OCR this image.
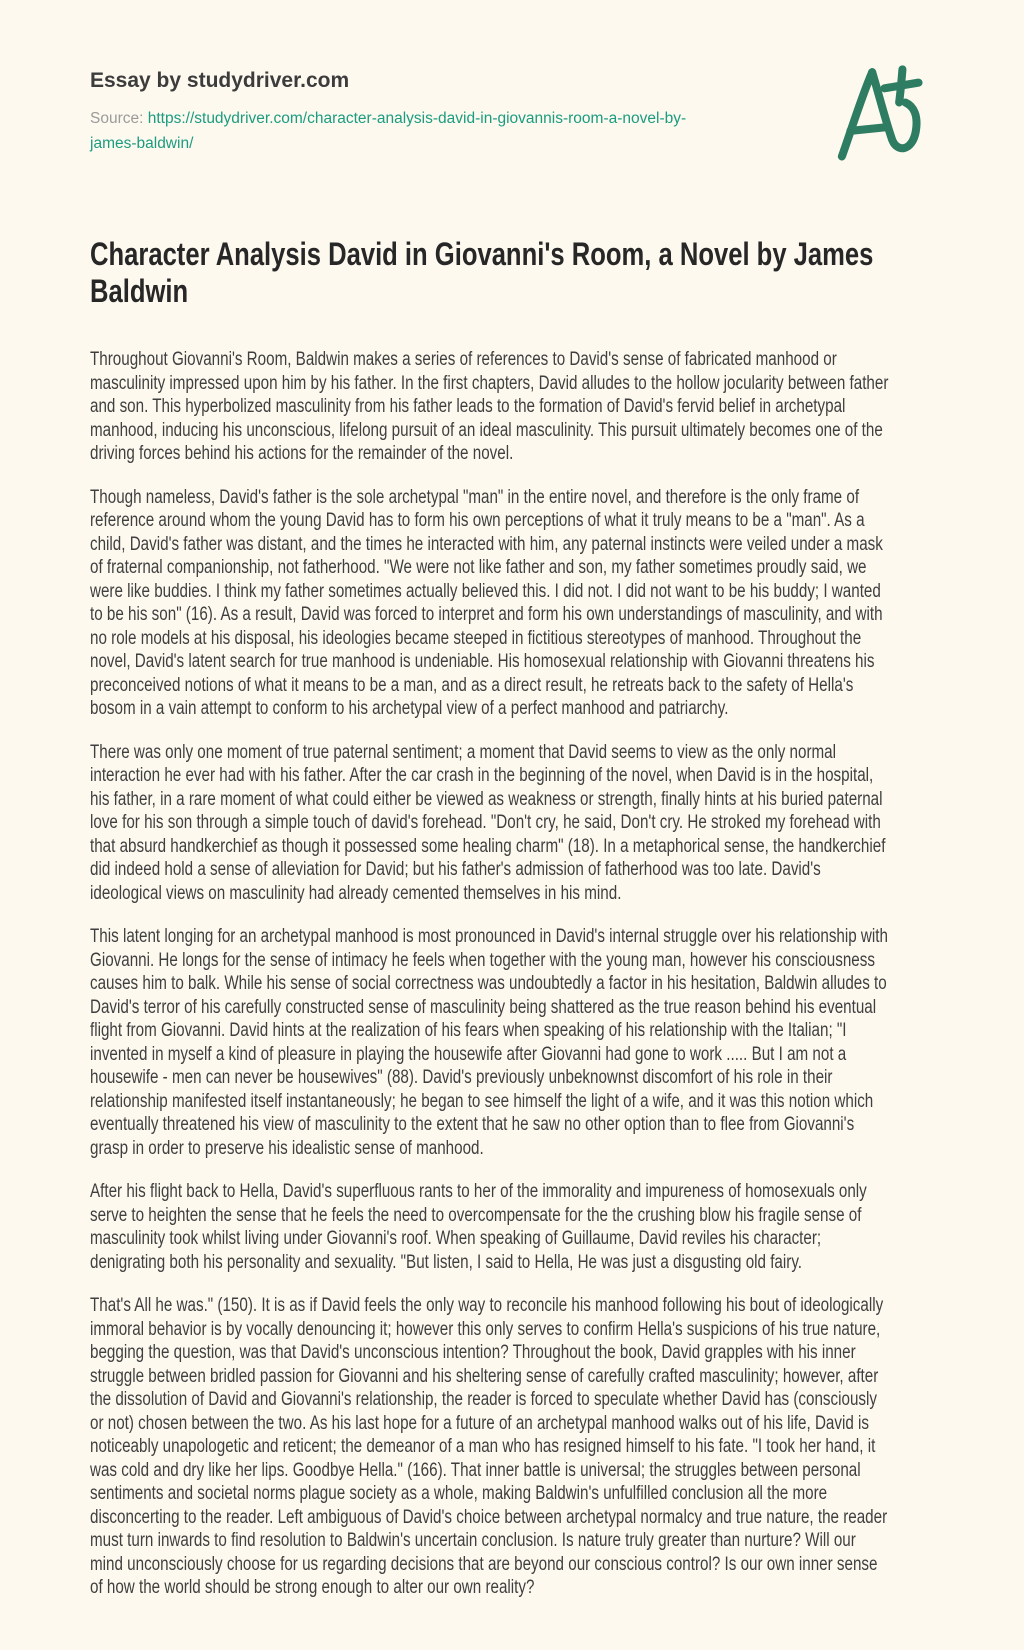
Essay by studydriver.com
Source: https://studydriver.com/character-analysis-david-in-giovannis-room-a-novel-by-james-baldwin/
Character Analysis David in Giovanni's Room, a Novel by James Baldwin

Throughout Giovanni's Room, Baldwin makes a series of references to David's sense of fabricated manhood or masculinity impressed upon him by his father. In the first chapters, David alludes to the hollow jocularity between father and son. This hyperbolized masculinity from his father leads to the formation of David's fervid belief in archetypal manhood, inducing his unconscious, lifelong pursuit of an ideal masculinity. This pursuit ultimately becomes one of the driving forces behind his actions for the remainder of the novel.

Though nameless, David's father is the sole archetypal "man" in the entire novel, and therefore is the only frame of reference around whom the young David has to form his own perceptions of what it truly means to be a "man". As a child, David's father was distant, and the times he interacted with him, any paternal instincts were veiled under a mask of fraternal companionship, not fatherhood. "We were not like father and son, my father sometimes proudly said, we were like buddies. I think my father sometimes actually believed this. I did not. I did not want to be his buddy; I wanted to be his son" (16). As a result, David was forced to interpret and form his own understandings of masculinity, and with no role models at his disposal, his ideologies became steeped in fictitious stereotypes of manhood. Throughout the novel, David's latent search for true manhood is undeniable. His homosexual relationship with Giovanni threatens his preconceived notions of what it means to be a man, and as a direct result, he retreats back to the safety of Hella's bosom in a vain attempt to conform to his archetypal view of a perfect manhood and patriarchy.

There was only one moment of true paternal sentiment; a moment that David seems to view as the only normal interaction he ever had with his father. After the car crash in the beginning of the novel, when David is in the hospital, his father, in a rare moment of what could either be viewed as weakness or strength, finally hints at his buried paternal love for his son through a simple touch of david's forehead. "Don't cry, he said, Don't cry. He stroked my forehead with that absurd handkerchief as though it possessed some healing charm" (18). In a metaphorical sense, the handkerchief did indeed hold a sense of alleviation for David; but his father's admission of fatherhood was too late. David's ideological views on masculinity had already cemented themselves in his mind.

This latent longing for an archetypal manhood is most pronounced in David's internal struggle over his relationship with Giovanni. He longs for the sense of intimacy he feels when together with the young man, however his consciousness causes him to balk. While his sense of social correctness was undoubtedly a factor in his hesitation, Baldwin alludes to David's terror of his carefully constructed sense of masculinity being shattered as the true reason behind his eventual flight from Giovanni. David hints at the realization of his fears when speaking of his relationship with the Italian; "I invented in myself a kind of pleasure in playing the housewife after Giovanni had gone to work ..... But I am not a housewife - men can never be housewives" (88). David's previously unbeknownst discomfort of his role in their relationship manifested itself instantaneously; he began to see himself the light of a wife, and it was this notion which eventually threatened his view of masculinity to the extent that he saw no other option than to flee from Giovanni's grasp in order to preserve his idealistic sense of manhood.

After his flight back to Hella, David's superfluous rants to her of the immorality and impureness of homosexuals only serve to heighten the sense that he feels the need to overcompensate for the the crushing blow his fragile sense of masculinity took whilst living under Giovanni's roof. When speaking of Guillaume, David reviles his character; denigrating both his personality and sexuality. "But listen, I said to Hella, He was just a disgusting old fairy.

That's All he was." (150). It is as if David feels the only way to reconcile his manhood following his bout of ideologically immoral behavior is by vocally denouncing it; however this only serves to confirm Hella's suspicions of his true nature, begging the question, was that David's unconscious intention? Throughout the book, David grapples with his inner struggle between bridled passion for Giovanni and his sheltering sense of carefully crafted masculinity; however, after the dissolution of David and Giovanni's relationship, the reader is forced to speculate whether David has (consciously or not) chosen between the two. As his last hope for a future of an archetypal manhood walks out of his life, David is noticeably unapologetic and reticent; the demeanor of a man who has resigned himself to his fate. "I took her hand, it was cold and dry like her lips. Goodbye Hella." (166). That inner battle is universal; the struggles between personal sentiments and societal norms plague society as a whole, making Baldwin's unfulfilled conclusion all the more disconcerting to the reader. Left ambiguous of David's choice between archetypal normalcy and true nature, the reader must turn inwards to find resolution to Baldwin's uncertain conclusion. Is nature truly greater than nurture? Will our mind unconsciously choose for us regarding decisions that are beyond our conscious control? Is our own inner sense of how the world should be strong enough to alter our own reality?
